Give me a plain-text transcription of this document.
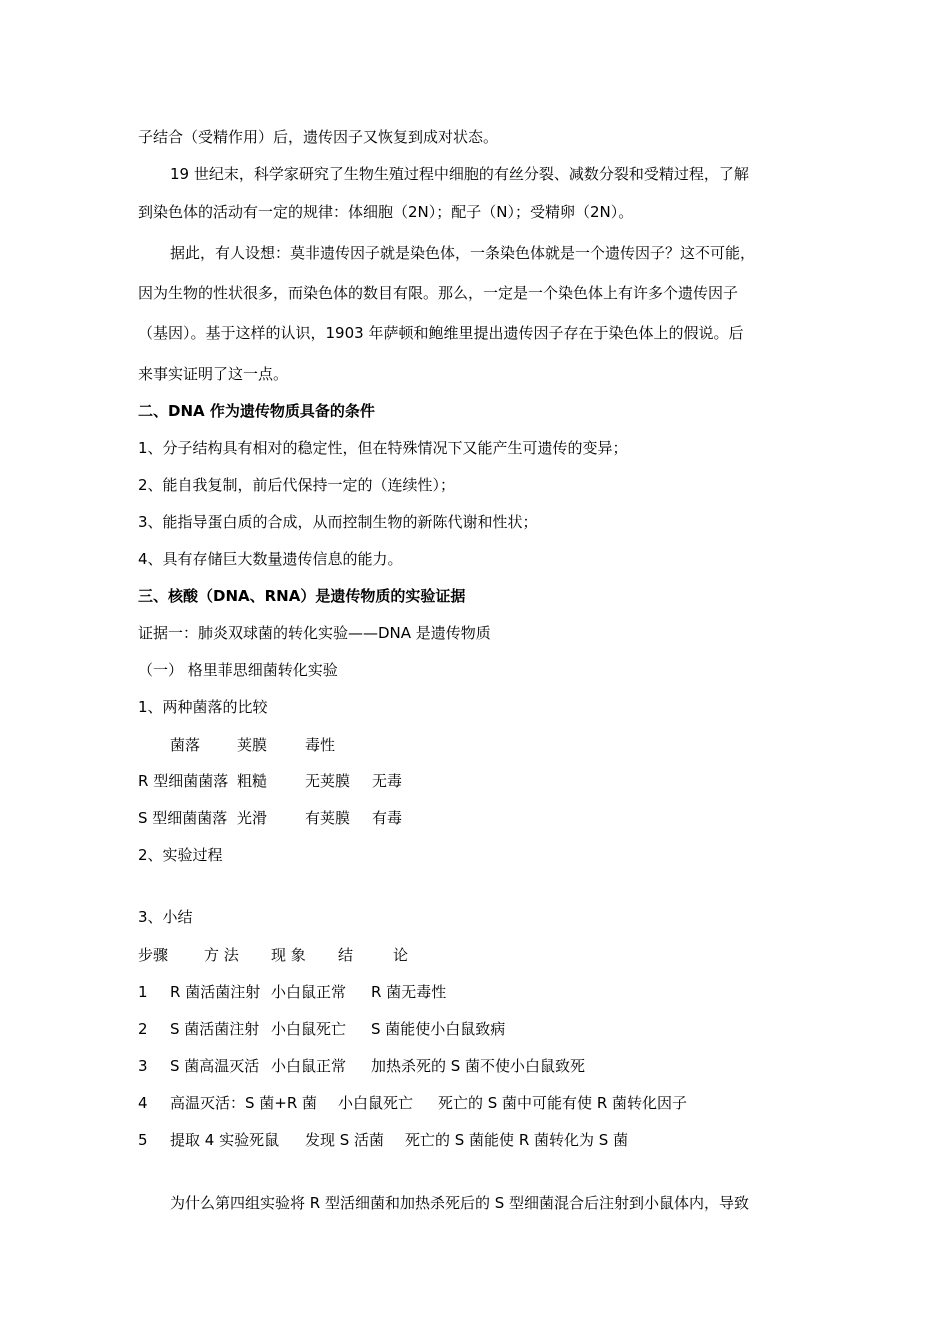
子结合（受精作用）后，遗传因子又恢复到成对状态。
19 世纪末，科学家研究了生物生殖过程中细胞的有丝分裂、减数分裂和受精过程，了解
到染色体的活动有一定的规律：体细胞（2N）；配子（N）；受精卵（2N）。
据此，有人设想：莫非遗传因子就是染色体，一条染色体就是一个遗传因子？这不可能，
因为生物的性状很多，而染色体的数目有限。那么，一定是一个染色体上有许多个遗传因子
（基因）。基于这样的认识，1903 年萨顿和鲍维里提出遗传因子存在于染色体上的假说。后
来事实证明了这一点。
二、DNA 作为遗传物质具备的条件
1、分子结构具有相对的稳定性，但在特殊情况下又能产生可遗传的变异；
2、能自我复制，前后代保持一定的（连续性）；
3、能指导蛋白质的合成，从而控制生物的新陈代谢和性状；
4、具有存储巨大数量遗传信息的能力。
三、核酸（DNA、RNA）是遗传物质的实验证据
证据一：肺炎双球菌的转化实验——DNA 是遗传物质
（一） 格里菲思细菌转化实验
1、两种菌落的比较
菌落 荚膜	毒性
R 型细菌菌落 粗糙	无荚膜 无毒
S 型细菌菌落 光滑	有荚膜 有毒
2、实验过程
3、小结
步骤 方 法 现 象 结	论
1 R 菌活菌注射 小白鼠正常 R 菌无毒性
2 S 菌活菌注射 小白鼠死亡 S 菌能使小白鼠致病
3 S 菌高温灭活 小白鼠正常 加热杀死的 S 菌不使小白鼠致死
4 高温灭活：S 菌+R 菌 小白鼠死亡 死亡的 S 菌中可能有使 R 菌转化因子
5 提取 4 实验死鼠 发现 S 活菌 死亡的 S 菌能使 R 菌转化为 S 菌
为什么第四组实验将 R 型活细菌和加热杀死后的 S 型细菌混合后注射到小鼠体内，导致
